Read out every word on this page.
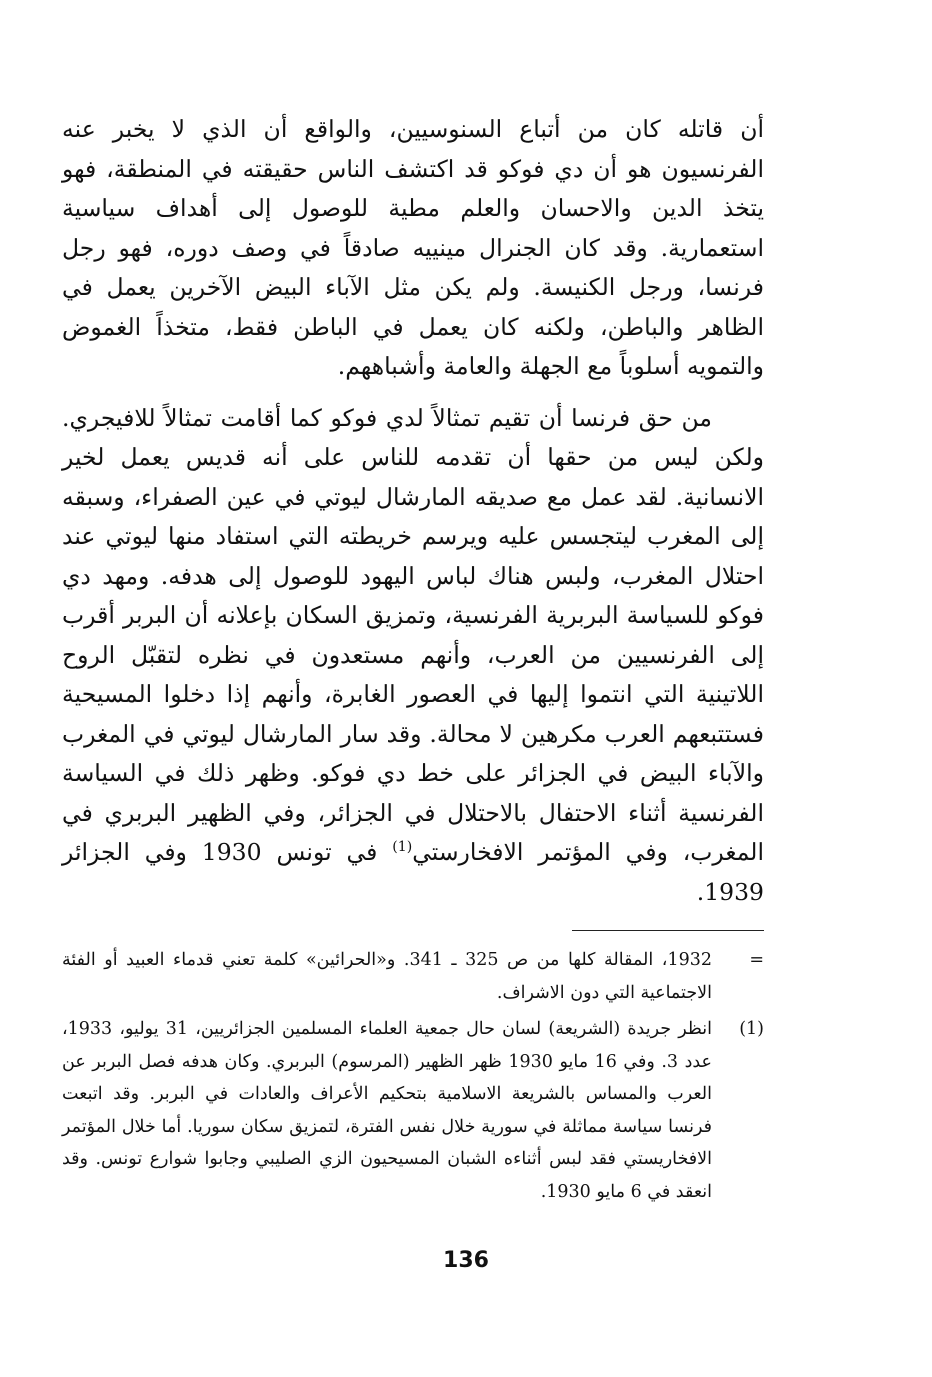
أن قاتله كان من أتباع السنوسيين، والواقع أن الذي لا يخبر عنه الفرنسيون هو أن دي فوكو قد اكتشف الناس حقيقته في المنطقة، فهو يتخذ الدين والاحسان والعلم مطية للوصول إلى أهداف سياسية استعمارية. وقد كان الجنرال مينييه صادقاً في وصف دوره، فهو رجل فرنسا، ورجل الكنيسة. ولم يكن مثل الآباء البيض الآخرين يعمل في الظاهر والباطن، ولكنه كان يعمل في الباطن فقط، متخذاً الغموض والتمويه أسلوباً مع الجهلة والعامة وأشباههم.

من حق فرنسا أن تقيم تمثالاً لدي فوكو كما أقامت تمثالاً للافيجري. ولكن ليس من حقها أن تقدمه للناس على أنه قديس يعمل لخير الانسانية. لقد عمل مع صديقه المارشال ليوتي في عين الصفراء، وسبقه إلى المغرب ليتجسس عليه ويرسم خريطته التي استفاد منها ليوتي عند احتلال المغرب، ولبس هناك لباس اليهود للوصول إلى هدفه. ومهد دي فوكو للسياسة البربرية الفرنسية، وتمزيق السكان بإعلانه أن البربر أقرب إلى الفرنسيين من العرب، وأنهم مستعدون في نظره لتقبّل الروح اللاتينية التي انتموا إليها في العصور الغابرة، وأنهم إذا دخلوا المسيحية فستتبعهم العرب مكرهين لا محالة. وقد سار المارشال ليوتي في المغرب والآباء البيض في الجزائر على خط دي فوكو. وظهر ذلك في السياسة الفرنسية أثناء الاحتفال بالاحتلال في الجزائر، وفي الظهير البربري في المغرب، وفي المؤتمر الافخارستي$^{(1)}$ في تونس 1930 وفي الجزائر 1939.

=
1932، المقالة كلها من ص 325 ـ 341. و«الحرائين» كلمة تعني قدماء العبيد أو الفئة الاجتماعية التي دون الاشراف.
(1)
انظر جريدة (الشريعة) لسان حال جمعية العلماء المسلمين الجزائريين، 31 يوليو، 1933، عدد 3. وفي 16 مايو 1930 ظهر الظهير (المرسوم) البربري. وكان هدفه فصل البربر عن العرب والمساس بالشريعة الاسلامية بتحكيم الأعراف والعادات في البربر. وقد اتبعت فرنسا سياسة مماثلة في سورية خلال نفس الفترة، لتمزيق سكان سوريا. أما خلال المؤتمر الافخاريستي فقد لبس أثناءه الشبان المسيحيون الزي الصليبي وجابوا شوارع تونس. وقد انعقد في 6 مايو 1930.
136
